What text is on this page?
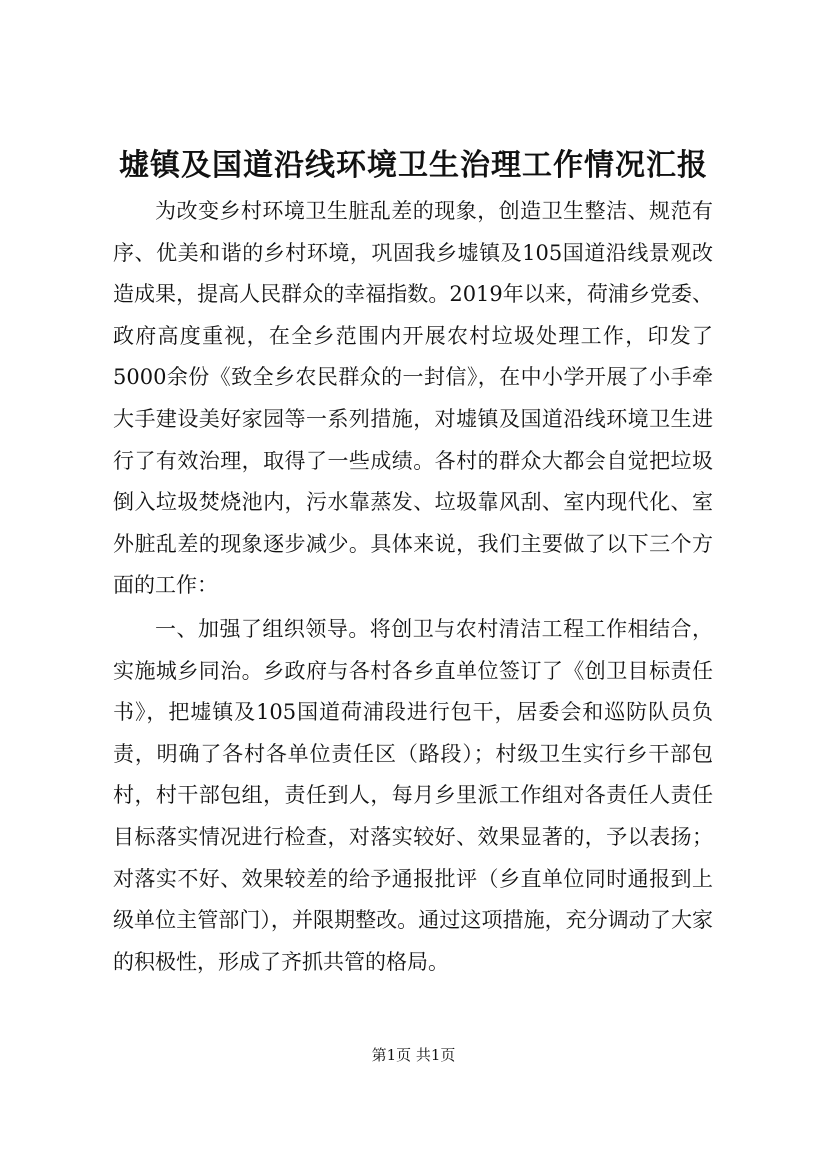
墟镇及国道沿线环境卫生治理工作情况汇报

为改变乡村环境卫生脏乱差的现象，创造卫生整洁、规范有序、优美和谐的乡村环境，巩固我乡墟镇及105国道沿线景观改造成果，提高人民群众的幸福指数。2019年以来，荷浦乡党委、政府高度重视，在全乡范围内开展农村垃圾处理工作，印发了5000余份《致全乡农民群众的一封信》，在中小学开展了小手牵大手建设美好家园等一系列措施，对墟镇及国道沿线环境卫生进行了有效治理，取得了一些成绩。各村的群众大都会自觉把垃圾倒入垃圾焚烧池内，污水靠蒸发、垃圾靠风刮、室内现代化、室外脏乱差的现象逐步减少。具体来说，我们主要做了以下三个方面的工作：

一、加强了组织领导。将创卫与农村清洁工程工作相结合，实施城乡同治。乡政府与各村各乡直单位签订了《创卫目标责任书》，把墟镇及105国道荷浦段进行包干，居委会和巡防队员负责，明确了各村各单位责任区（路段）；村级卫生实行乡干部包村，村干部包组，责任到人，每月乡里派工作组对各责任人责任目标落实情况进行检查，对落实较好、效果显著的，予以表扬；对落实不好、效果较差的给予通报批评（乡直单位同时通报到上级单位主管部门），并限期整改。通过这项措施，充分调动了大家的积极性，形成了齐抓共管的格局。

第1页 共1页
